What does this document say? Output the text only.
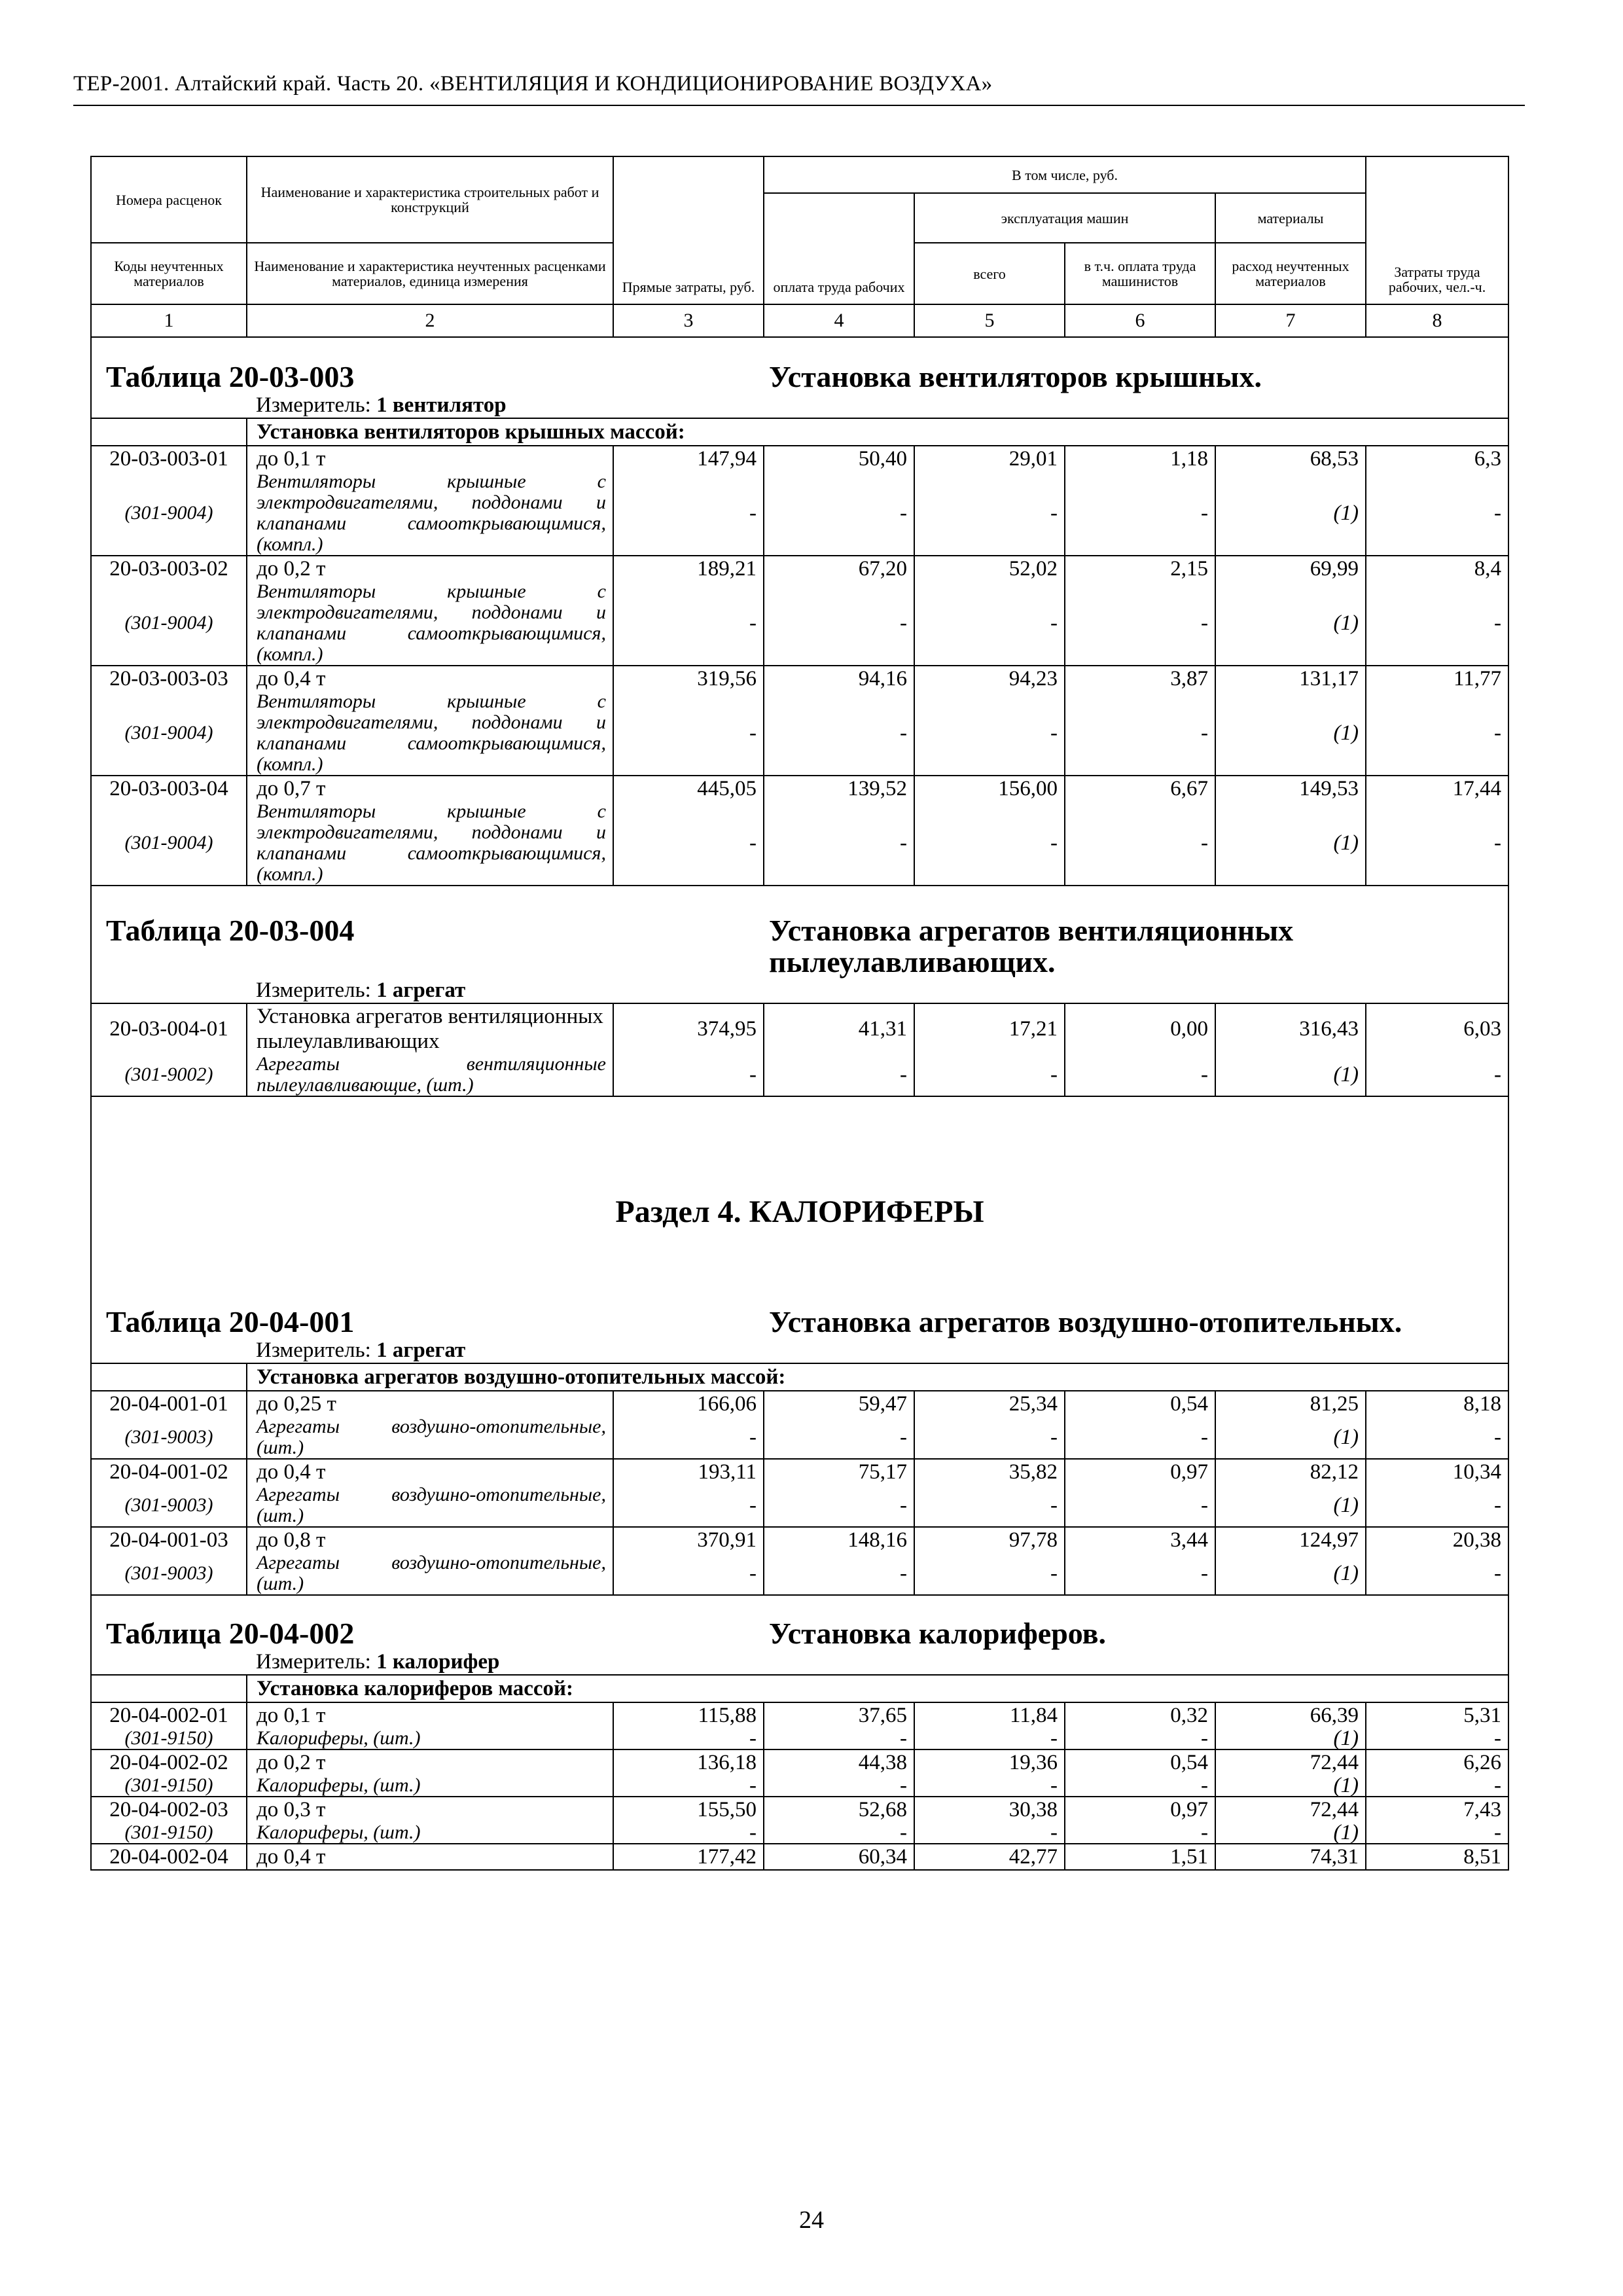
ТЕР-2001. Алтайский край. Часть 20. «ВЕНТИЛЯЦИЯ И КОНДИЦИОНИРОВАНИЕ ВОЗДУХА»
Номера расценок	Наименование и характеристика строительных работ и конструкций	Прямые затраты, руб.	В том числе, руб.				Затраты труда рабочих, чел.-ч.
			оплата труда рабочих	эксплуатация машин		материалы	
Коды неучтенных материалов	Наименование и характеристика неучтенных расценками материалов, единица измерения			всего	в т.ч. оплата труда машинистов	расход неучтенных материалов	
1	2	3	4	5	6	7	8
Таблица 20-03-003			Установка вентиляторов крышных.				
	Измеритель: 1 вентилятор						
	Установка вентиляторов крышных массой:						
20-03-003-01	до 0,1 т	147,94	50,40	29,01	1,18	68,53	6,3
(301-9004)	Вентиляторы крышные с электродвигателями, поддонами и клапанами самооткрывающимися, (компл.)	-	-	-	-	(1)	-
20-03-003-02	до 0,2 т	189,21	67,20	52,02	2,15	69,99	8,4
(301-9004)	Вентиляторы крышные с электродвигателями, поддонами и клапанами самооткрывающимися, (компл.)	-	-	-	-	(1)	-
20-03-003-03	до 0,4 т	319,56	94,16	94,23	3,87	131,17	11,77
(301-9004)	Вентиляторы крышные с электродвигателями, поддонами и клапанами самооткрывающимися, (компл.)	-	-	-	-	(1)	-
20-03-003-04	до 0,7 т	445,05	139,52	156,00	6,67	149,53	17,44
(301-9004)	Вентиляторы крышные с электродвигателями, поддонами и клапанами самооткрывающимися, (компл.)	-	-	-	-	(1)	-
Таблица 20-03-004			Установка агрегатов вентиляционных пылеулавливающих.				
	Измеритель: 1 агрегат						
20-03-004-01	Установка агрегатов вентиляционных пылеулавливающих	374,95	41,31	17,21	0,00	316,43	6,03
(301-9002)	Агрегаты вентиляционные пылеулавливающие, (шт.)	-	-	-	-	(1)	-
Раздел 4. КАЛОРИФЕРЫ							
Таблица 20-04-001			Установка агрегатов воздушно-отопительных.				
	Измеритель: 1 агрегат						
	Установка агрегатов воздушно-отопительных массой:						
20-04-001-01	до 0,25 т	166,06	59,47	25,34	0,54	81,25	8,18
(301-9003)	Агрегаты воздушно-отопительные, (шт.)	-	-	-	-	(1)	-
20-04-001-02	до 0,4 т	193,11	75,17	35,82	0,97	82,12	10,34
(301-9003)	Агрегаты воздушно-отопительные, (шт.)	-	-	-	-	(1)	-
20-04-001-03	до 0,8 т	370,91	148,16	97,78	3,44	124,97	20,38
(301-9003)	Агрегаты воздушно-отопительные, (шт.)	-	-	-	-	(1)	-
Таблица 20-04-002			Установка калориферов.				
	Измеритель: 1 калорифер						
	Установка калориферов массой:						
20-04-002-01	до 0,1 т	115,88	37,65	11,84	0,32	66,39	5,31
(301-9150)	Калориферы, (шт.)	-	-	-	-	(1)	-
20-04-002-02	до 0,2 т	136,18	44,38	19,36	0,54	72,44	6,26
(301-9150)	Калориферы, (шт.)	-	-	-	-	(1)	-
20-04-002-03	до 0,3 т	155,50	52,68	30,38	0,97	72,44	7,43
(301-9150)	Калориферы, (шт.)	-	-	-	-	(1)	-
20-04-002-04	до 0,4 т	177,42	60,34	42,77	1,51	74,31	8,51
24
